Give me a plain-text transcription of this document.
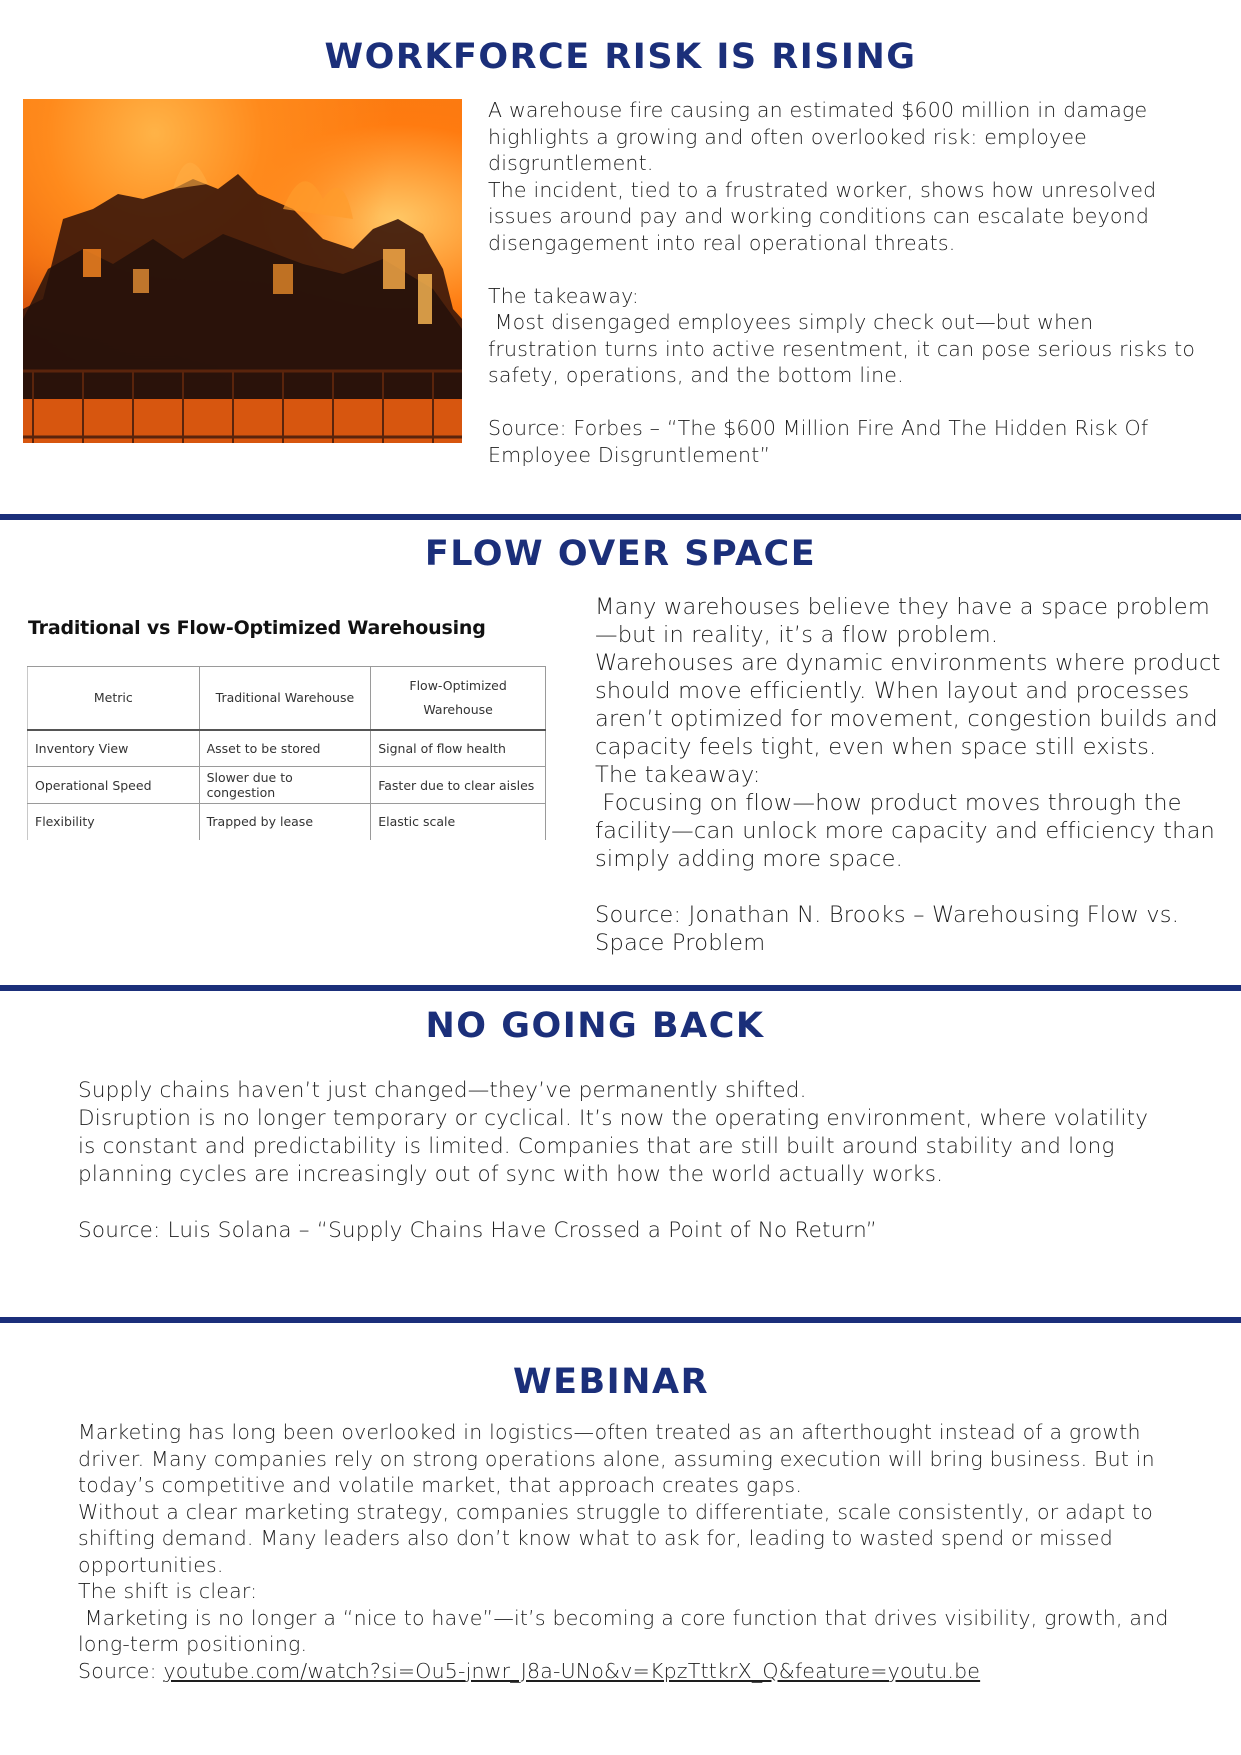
WORKFORCE RISK IS RISING

A warehouse fire causing an estimated $600 million in damage highlights a growing and often overlooked risk: employee disgruntlement.

The incident, tied to a frustrated worker, shows how unresolved issues around pay and working conditions can escalate beyond disengagement into real operational threats.

The takeaway:

Most disengaged employees simply check out—but when frustration turns into active resentment, it can pose serious risks to safety, operations, and the bottom line.

Source: Forbes – “The $600 Million Fire And The Hidden Risk Of Employee Disgruntlement”

FLOW OVER SPACE
Traditional vs Flow-Optimized Warehousing
Metric	Traditional Warehouse	Flow-Optimized Warehouse
Inventory View	Asset to be stored	Signal of flow health
Operational Speed	Slower due to congestion	Faster due to clear aisles
Flexibility	Trapped by lease	Elastic scale

Many warehouses believe they have a space problem—but in reality, it’s a flow problem.

Warehouses are dynamic environments where product should move efficiently. When layout and processes aren’t optimized for movement, congestion builds and capacity feels tight, even when space still exists.

The takeaway:

Focusing on flow—how product moves through the facility—can unlock more capacity and efficiency than simply adding more space.

Source: Jonathan N. Brooks – Warehousing Flow vs. Space Problem

NO GOING BACK

Supply chains haven’t just changed—they’ve permanently shifted.

Disruption is no longer temporary or cyclical. It’s now the operating environment, where volatility is constant and predictability is limited. Companies that are still built around stability and long planning cycles are increasingly out of sync with how the world actually works.

Source: Luis Solana – “Supply Chains Have Crossed a Point of No Return”

WEBINAR

Marketing has long been overlooked in logistics—often treated as an afterthought instead of a growth driver. Many companies rely on strong operations alone, assuming execution will bring business. But in today’s competitive and volatile market, that approach creates gaps.

Without a clear marketing strategy, companies struggle to differentiate, scale consistently, or adapt to shifting demand. Many leaders also don’t know what to ask for, leading to wasted spend or missed opportunities.

The shift is clear:

Marketing is no longer a “nice to have”—it’s becoming a core function that drives visibility, growth, and long-term positioning.

Source: youtube.com/watch?si=Ou5-jnwr_J8a-UNo&v=KpzTttkrX_Q&feature=youtu.be
